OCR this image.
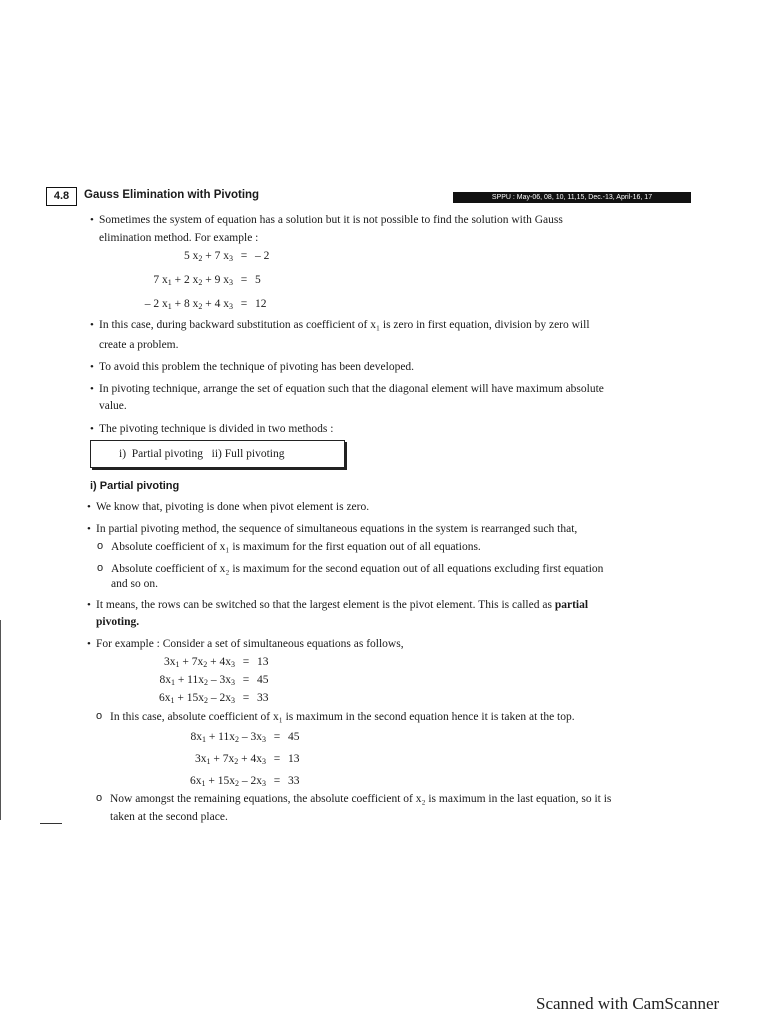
4.8	Gauss Elimination with Pivoting	SPPU : May-06, 08, 10, 11,15, Dec.-13, April-16, 17
• Sometimes the system of equation has a solution but it is not possible to find the solution with Gauss
elimination method. For example :
5 $x_2 + 7$ $x_3$ = – 2
7 $x_1 + 2$ $x_2 + 9$ $x_3 = 5$
– 2 $x_1 + 8$ $x_2 + 4$ $x_3 = 12$
• In this case, during backward substitution as coefficient of x₁ is zero in first equation, division by zero will
create a problem.
• To avoid this problem the technique of pivoting has been developed.
• In pivoting technique, arrange the set of equation such that the diagonal element will have maximum absolute
value.
• The pivoting technique is divided in two methods :
i)  Partial pivoting   ii) Full pivoting
i) Partial pivoting
• We know that, pivoting is done when pivot element is zero.
• In partial pivoting method, the sequence of simultaneous equations in the system is rearranged such that,
o Absolute coefficient of x₁ is maximum for the first equation out of all equations.
o Absolute coefficient of x₂ is maximum for the second equation out of all equations excluding first equation
and so on.
• It means, the rows can be switched so that the largest element is the pivot element. This is called as partial
pivoting.
• For example : Consider a set of simultaneous equations as follows,
$3x_1 + 7x_2 + 4x_3 = 13$
$8x_1 + 11x_2 - 3x_3 = 45$
$6x_1 + 15x_2 - 2x_3 = 33$
o In this case, absolute coefficient of x₁ is maximum in the second equation hence it is taken at the top.
$8x_1 + 11x_2 - 3x_3 = 45$
$3x_1 + 7x_2 + 4x_3 = 13$
$6x_1 + 15x_2 - 2x_3 = 33$
o Now amongst the remaining equations, the absolute coefficient of x₂ is maximum in the last equation, so it is
taken at the second place.
Scanned with CamScanner
